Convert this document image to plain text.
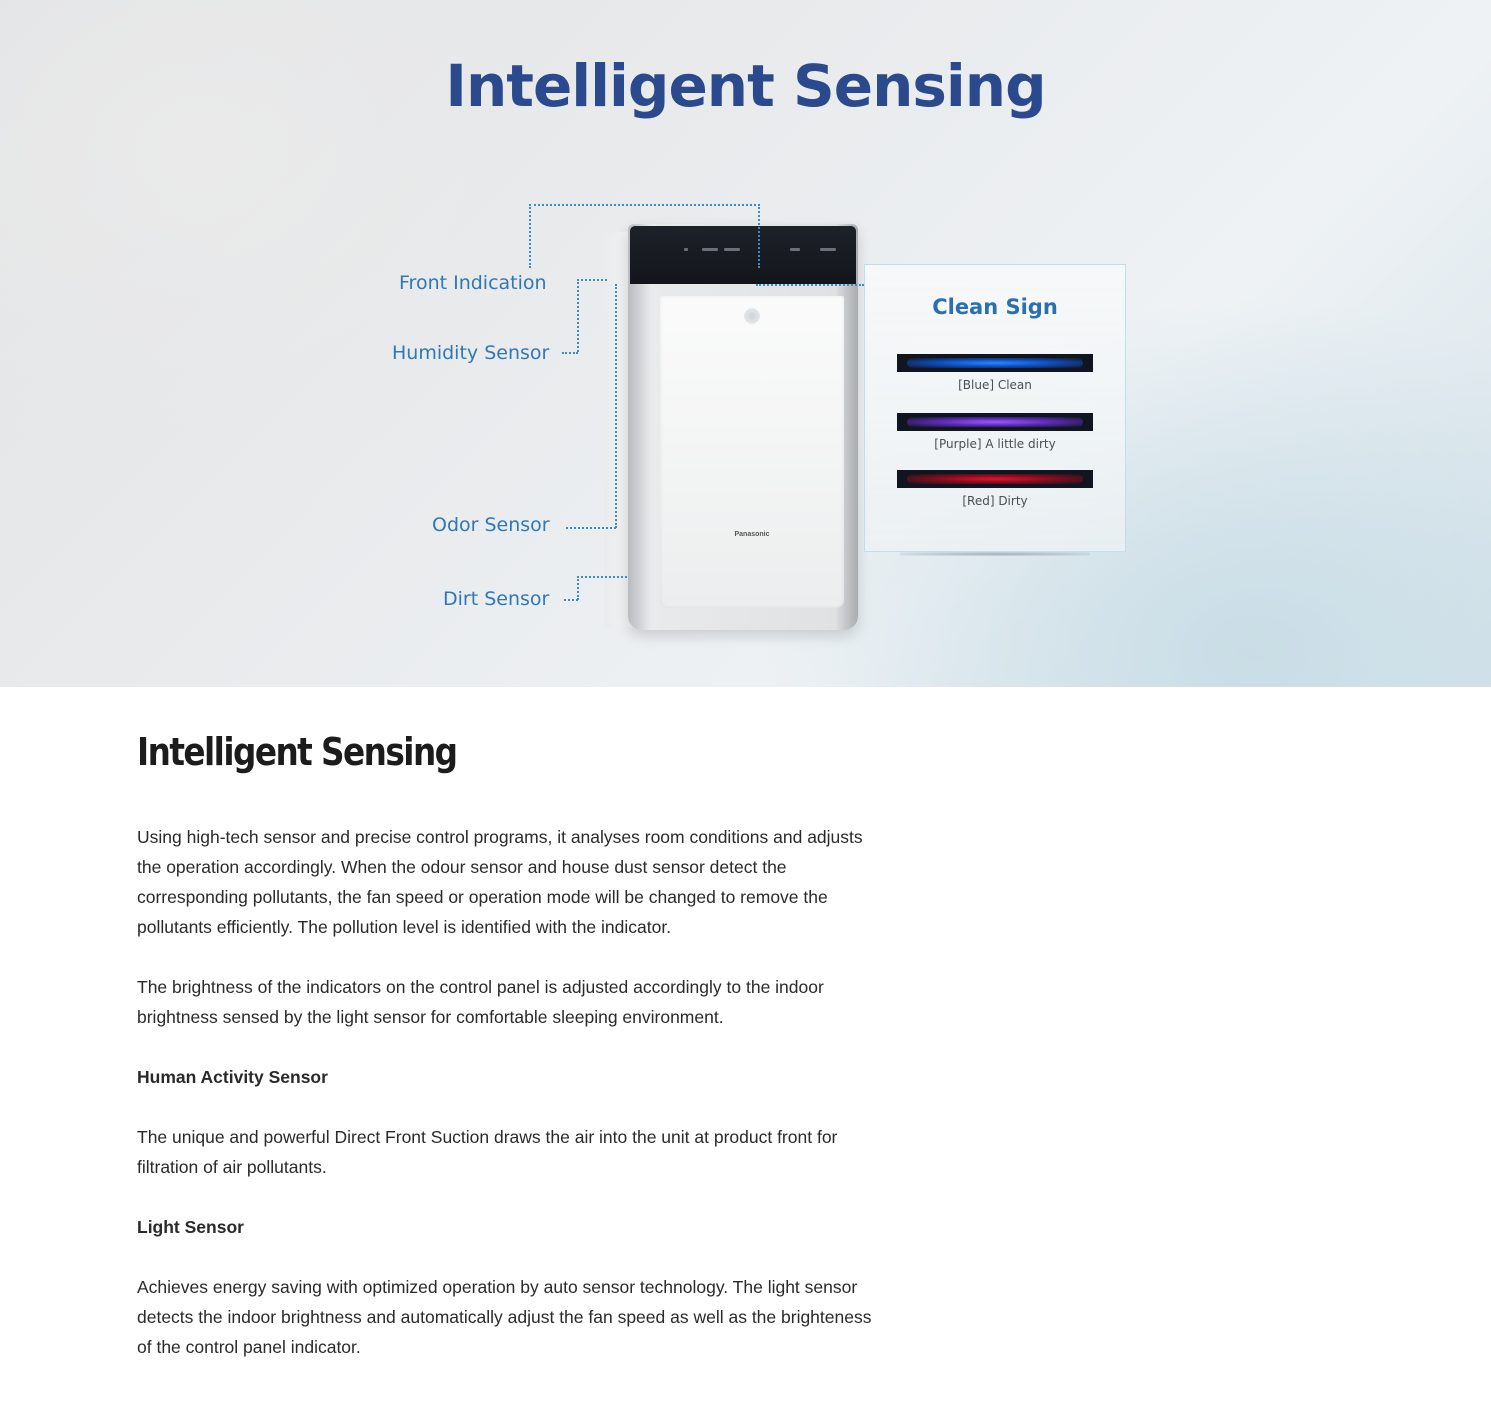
Intelligent Sensing
Panasonic
Front Indication
Humidity Sensor
Odor Sensor
Dirt Sensor
Clean Sign
[Blue] Clean
[Purple] A little dirty
[Red] Dirty
Intelligent Sensing

Using high-tech sensor and precise control programs, it analyses room conditions and adjusts the operation accordingly. When the odour sensor and house dust sensor detect the corresponding pollutants, the fan speed or operation mode will be changed to remove the pollutants efficiently. The pollution level is identified with the indicator.

The brightness of the indicators on the control panel is adjusted accordingly to the indoor brightness sensed by the light sensor for comfortable sleeping environment.

Human Activity Sensor

The unique and powerful Direct Front Suction draws the air into the unit at product front for filtration of air pollutants.

Light Sensor

Achieves energy saving with optimized operation by auto sensor technology. The light sensor detects the indoor brightness and automatically adjust the fan speed as well as the brighteness of the control panel indicator.
